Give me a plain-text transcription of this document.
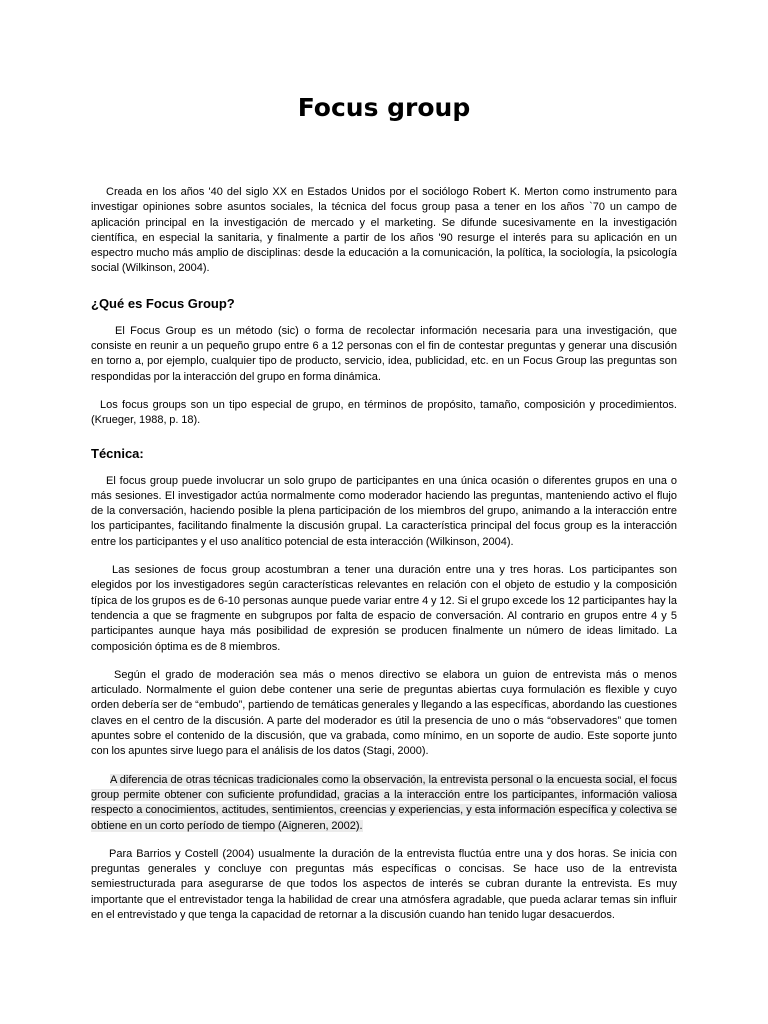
Focus group

Creada en los años '40 del siglo XX en Estados Unidos por el sociólogo Robert K. Merton como instrumento para investigar opiniones sobre asuntos sociales, la técnica del focus group pasa a tener en los años `70 un campo de aplicación principal en la investigación de mercado y el marketing. Se difunde sucesivamente en la investigación científica, en especial la sanitaria, y finalmente a partir de los años '90 resurge el interés para su aplicación en un espectro mucho más amplio de disciplinas: desde la educación a la comunicación, la política, la sociología, la psicología social (Wilkinson, 2004).

¿Qué es Focus Group?

El Focus Group es un método (sic) o forma de recolectar información necesaria para una investigación, que consiste en reunir a un pequeño grupo entre 6 a 12 personas con el fin de contestar preguntas y generar una discusión en torno a, por ejemplo, cualquier tipo de producto, servicio, idea, publicidad, etc. en un Focus Group las preguntas son respondidas por la interacción del grupo en forma dinámica.

Los focus groups son un tipo especial de grupo, en términos de propósito, tamaño, composición y procedimientos. (Krueger, 1988, p. 18).

Técnica:

El focus group puede involucrar un solo grupo de participantes en una única ocasión o diferentes grupos en una o más sesiones. El investigador actúa normalmente como moderador haciendo las preguntas, manteniendo activo el flujo de la conversación, haciendo posible la plena participación de los miembros del grupo, animando a la interacción entre los participantes, facilitando finalmente la discusión grupal. La característica principal del focus group es la interacción entre los participantes y el uso analítico potencial de esta interacción (Wilkinson, 2004).

Las sesiones de focus group acostumbran a tener una duración entre una y tres horas. Los participantes son elegidos por los investigadores según características relevantes en relación con el objeto de estudio y la composición típica de los grupos es de 6-10 personas aunque puede variar entre 4 y 12. Si el grupo excede los 12 participantes hay la tendencia a que se fragmente en subgrupos por falta de espacio de conversación. Al contrario en grupos entre 4 y 5 participantes aunque haya más posibilidad de expresión se producen finalmente un número de ideas limitado. La composición óptima es de 8 miembros.

Según el grado de moderación sea más o menos directivo se elabora un guion de entrevista más o menos articulado. Normalmente el guion debe contener una serie de preguntas abiertas cuya formulación es flexible y cuyo orden debería ser de “embudo”, partiendo de temáticas generales y llegando a las específicas, abordando las cuestiones claves en el centro de la discusión. A parte del moderador es útil la presencia de uno o más “observadores” que tomen apuntes sobre el contenido de la discusión, que va grabada, como mínimo, en un soporte de audio. Este soporte junto con los apuntes sirve luego para el análisis de los datos (Stagi, 2000).

A diferencia de otras técnicas tradicionales como la observación, la entrevista personal o la encuesta social, el focus group permite obtener con suficiente profundidad, gracias a la interacción entre los participantes, información valiosa respecto a conocimientos, actitudes, sentimientos, creencias y experiencias, y esta información específica y colectiva se obtiene en un corto período de tiempo (Aigneren, 2002).

Para Barrios y Costell (2004) usualmente la duración de la entrevista fluctúa entre una y dos horas. Se inicia con preguntas generales y concluye con preguntas más específicas o concisas. Se hace uso de la entrevista semiestructurada para asegurarse de que todos los aspectos de interés se cubran durante la entrevista. Es muy importante que el entrevistador tenga la habilidad de crear una atmósfera agradable, que pueda aclarar temas sin influir en el entrevistado y que tenga la capacidad de retornar a la discusión cuando han tenido lugar desacuerdos.
